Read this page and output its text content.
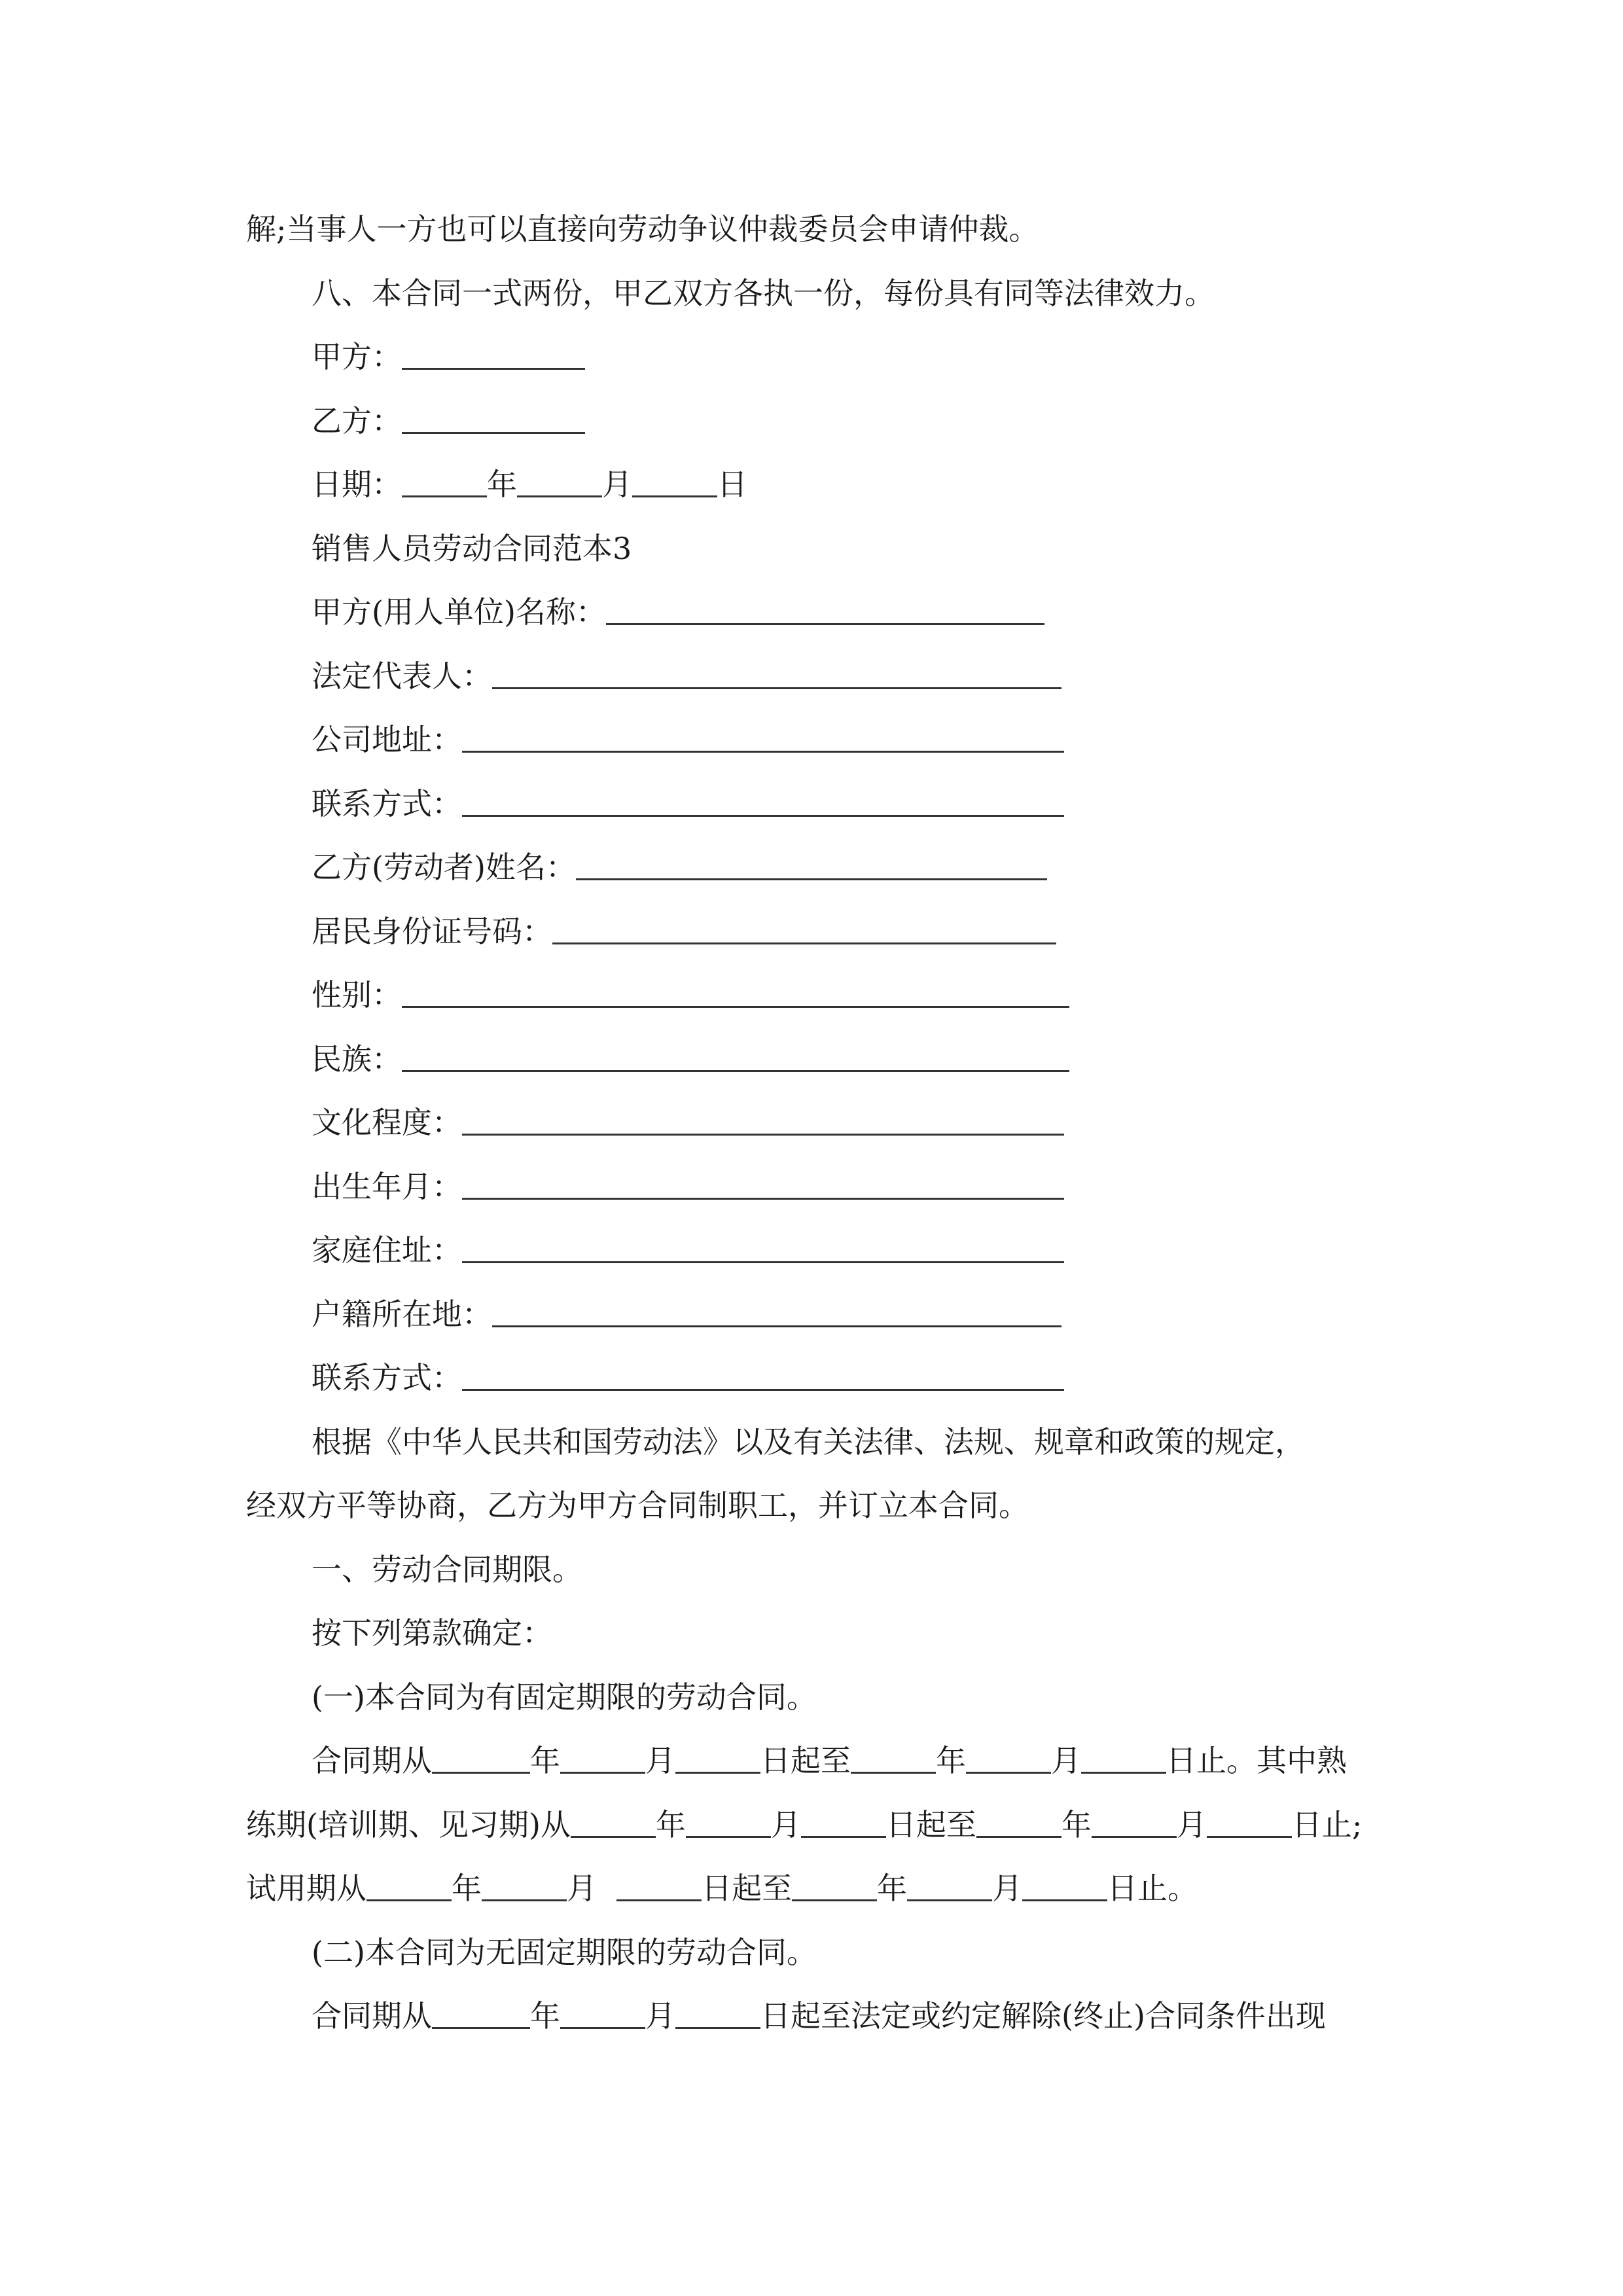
解;当事人一方也可以直接向劳动争议仲裁委员会申请仲裁。
八、本合同一式两份，甲乙双方各执一份，每份具有同等法律效力。
甲方：
乙方：
日期：	年	月	日
销售人员劳动合同范本3
甲方(用人单位)名称：
法定代表人：
公司地址：
联系方式：
乙方(劳动者)姓名：
居民身份证号码：
性别：
民族：
文化程度：
出生年月：
家庭住址：
户籍所在地：
联系方式：
根据《中华人民共和国劳动法》以及有关法律、法规、规章和政策的规定，
经双方平等协商，乙方为甲方合同制职工，并订立本合同。
一、劳动合同期限。
按下列第款确定：
(一)本合同为有固定期限的劳动合同。
合同期从	年	月	日起至	年	月	日止。其中熟
练期(培训期、见习期)从	年	月	日起至	年	月	日止;
试用期从	年	月	日起至	年	月	日止。
(二)本合同为无固定期限的劳动合同。
合同期从	年	月	日起至法定或约定解除(终止)合同条件出现
